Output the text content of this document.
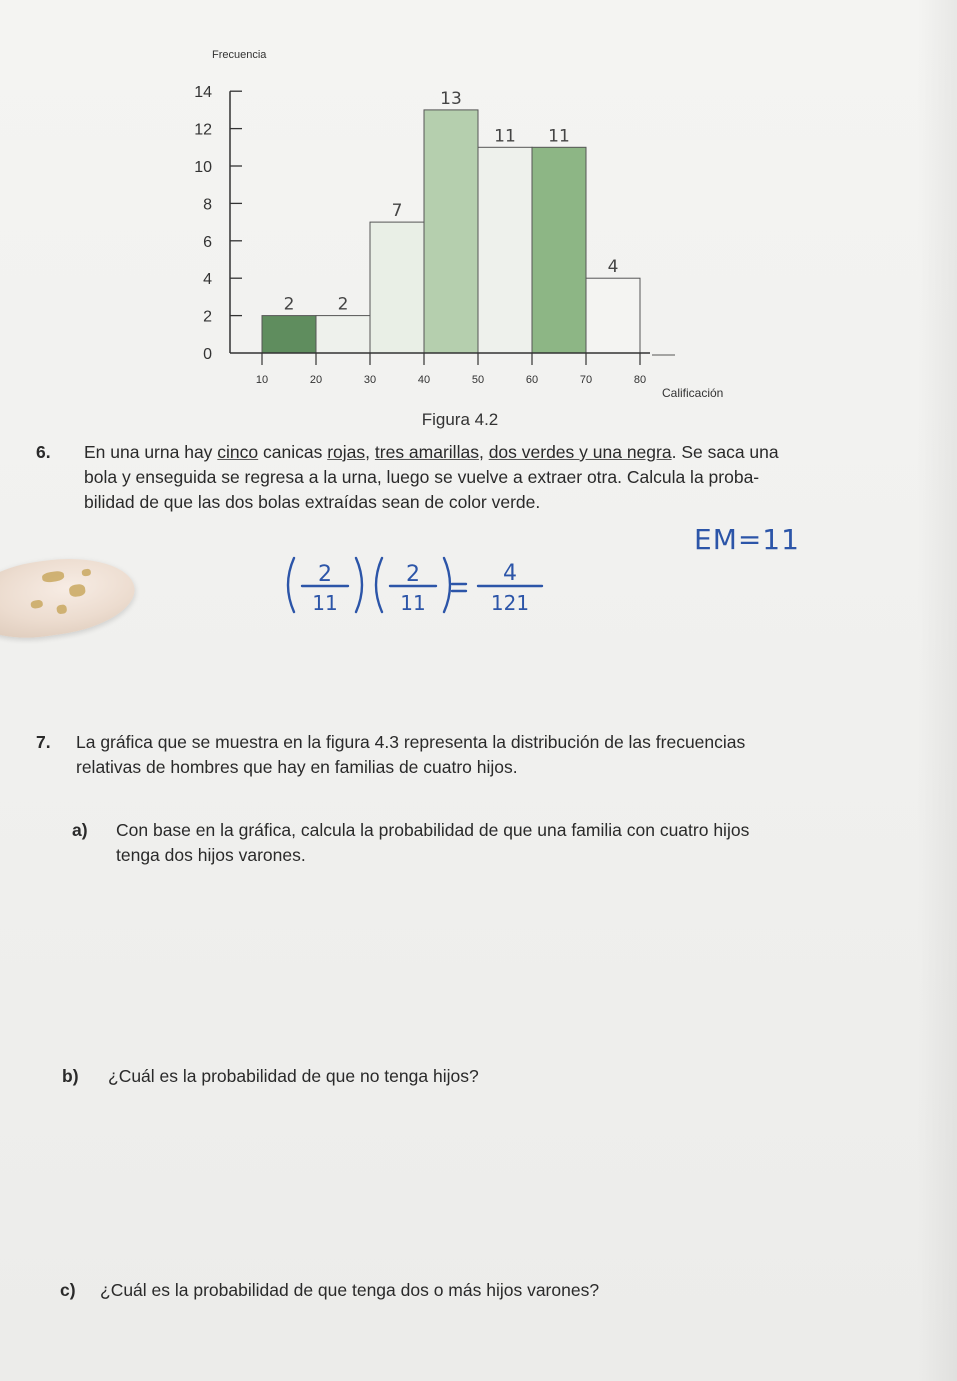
Frecuencia
Calificación
2	2
7
13
11 11
4
0
2
4
6
8
10
12
14
10	20	30	40	50	60	70	80
Figura 4.2
6. En una urna hay cinco canicas rojas, tres amarillas, dos verdes y una negra. Se saca una
bola y enseguida se regresa a la urna, luego se vuelve a extraer otra. Calcula la proba-
bilidad de que las dos bolas extraídas sean de color verde.
EM=11
2
11
2
11
4
121
7. La gráfica que se muestra en la figura 4.3 representa la distribución de las frecuencias
relativas de hombres que hay en familias de cuatro hijos.
a) Con base en la gráfica, calcula la probabilidad de que una familia con cuatro hijos
tenga dos hijos varones.
b) ¿Cuál es la probabilidad de que no tenga hijos?
c) ¿Cuál es la probabilidad de que tenga dos o más hijos varones?
